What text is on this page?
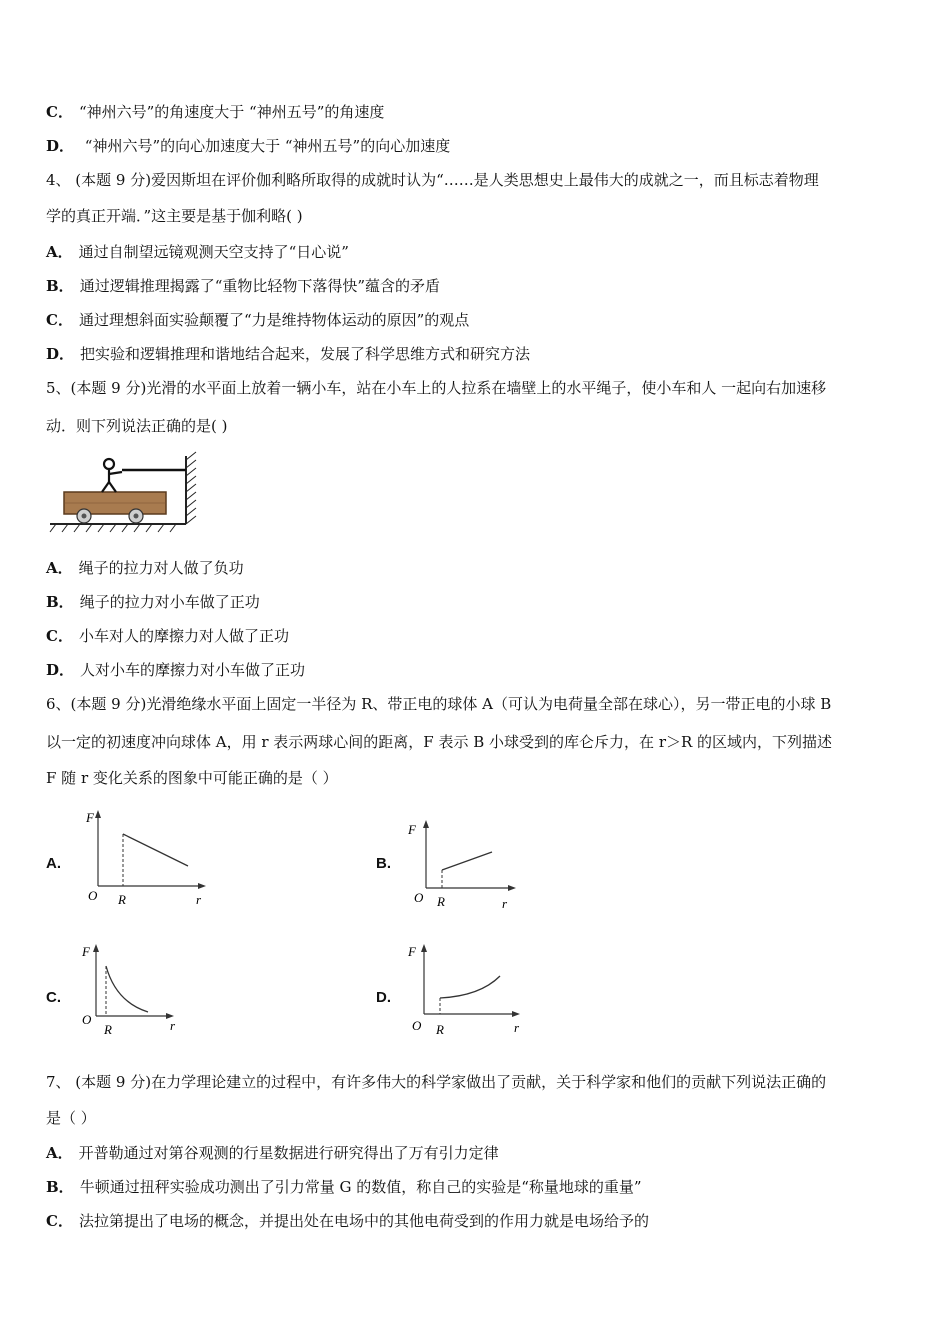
C． “神州六号”的角速度大于 “神州五号”的角速度
D． “神州六号”的向心加速度大于 “神州五号”的向心加速度
4、 (本题 9 分)爱因斯坦在评价伽利略所取得的成就时认为“……是人类思想史上最伟大的成就之一，而且标志着物理
学的真正开端．”这主要是基于伽利略( )
A． 通过自制望远镜观测天空支持了“日心说”
B． 通过逻辑推理揭露了“重物比轻物下落得快”蕴含的矛盾
C． 通过理想斜面实验颠覆了“力是维持物体运动的原因”的观点
D． 把实验和逻辑推理和谐地结合起来，发展了科学思维方式和研究方法
5、(本题 9 分)光滑的水平面上放着一辆小车，站在小车上的人拉系在墙壁上的水平绳子，使小车和人 一起向右加速移
动．则下列说法正确的是( )
A． 绳子的拉力对人做了负功
B． 绳子的拉力对小车做了正功
C． 小车对人的摩擦力对人做了正功
D． 人对小车的摩擦力对小车做了正功
6、(本题 9 分)光滑绝缘水平面上固定一半径为 R、带正电的球体 A（可认为电荷量全部在球心），另一带正电的小球 B
以一定的初速度冲向球体 A，用 r 表示两球心间的距离，F 表示 B 小球受到的库仑斥力，在 r＞R 的区域内，下列描述
F 随 r 变化关系的图象中可能正确的是（ ）
A.
F
O R	r
B.
F
O R	r
C.
F
O
R	r
D.
F
O R	r
7、 (本题 9 分)在力学理论建立的过程中，有许多伟大的科学家做出了贡献，关于科学家和他们的贡献下列说法正确的
是（ ）
A． 开普勒通过对第谷观测的行星数据进行研究得出了万有引力定律
B． 牛顿通过扭秤实验成功测出了引力常量 G 的数值，称自己的实验是“称量地球的重量”
C． 法拉第提出了电场的概念，并提出处在电场中的其他电荷受到的作用力就是电场给予的
